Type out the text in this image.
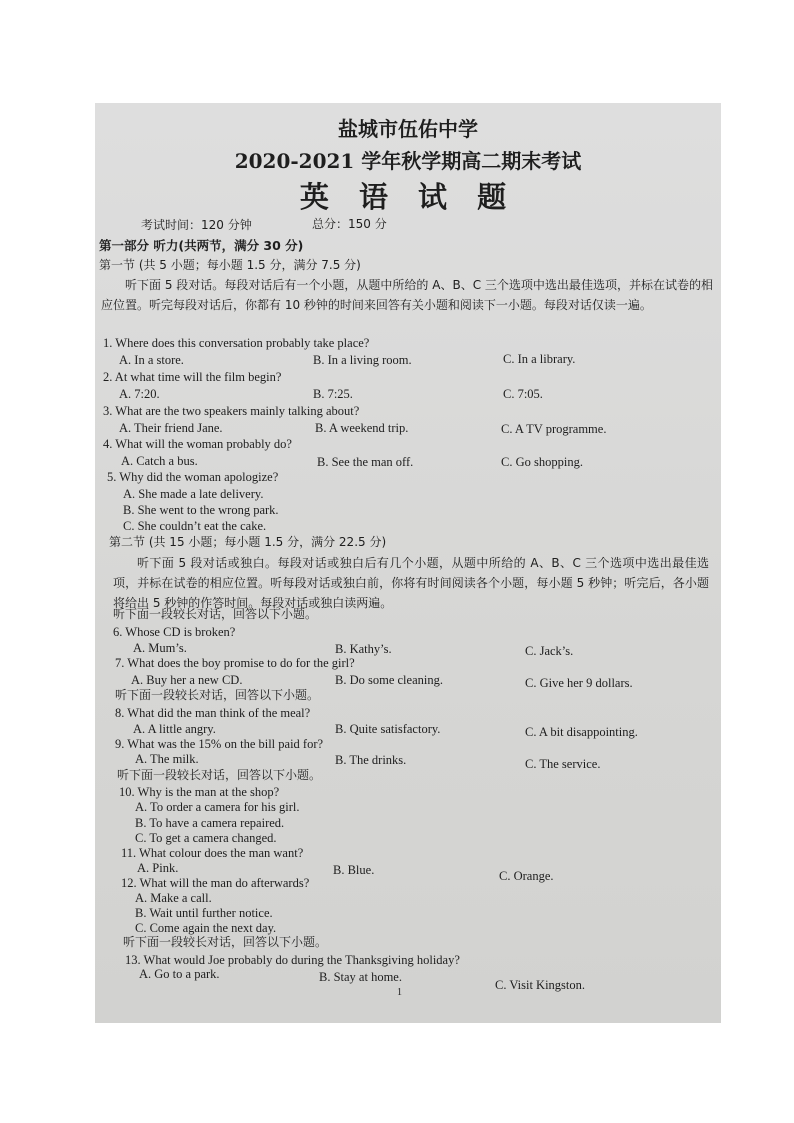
盐城市伍佑中学
2020-2021 学年秋学期高二期末考试
英 语 试 题
考试时间：120 分钟	总分：150 分
第一部分 听力(共两节，满分 30 分)
第一节 (共 5 小题；每小题 1.5 分，满分 7.5 分)
听下面 5 段对话。每段对话后有一个小题，从题中所给的 A、B、C 三个选项中选出最佳选项，并标在试卷的相应位置。听完每段对话后，你都有 10 秒钟的时间来回答有关小题和阅读下一小题。每段对话仅读一遍。
1. Where does this conversation probably take place?
A. In a store.	B. In a living room.	C. In a library.
2. At what time will the film begin?
A. 7:20.	B. 7:25.	C. 7:05.
3. What are the two speakers mainly talking about?
A. Their friend Jane.	B. A weekend trip.	C. A TV programme.
4. What will the woman probably do?
A. Catch a bus.	B. See the man off.	C. Go shopping.
5. Why did the woman apologize?
A. She made a late delivery.
B. She went to the wrong park.
C. She couldn’t eat the cake.
第二节 (共 15 小题；每小题 1.5 分，满分 22.5 分)
听下面 5 段对话或独白。每段对话或独白后有几个小题，从题中所给的 A、B、C 三个选项中选出最佳选项，并标在试卷的相应位置。听每段对话或独白前，你将有时间阅读各个小题，每小题 5 秒钟；听完后，各小题将给出 5 秒钟的作答时间。每段对话或独白读两遍。
听下面一段较长对话，回答以下小题。
6. Whose CD is broken?
A. Mum’s.	B. Kathy’s.	C. Jack’s.
7. What does the boy promise to do for the girl?
A. Buy her a new CD.	B. Do some cleaning.	C. Give her 9 dollars.
听下面一段较长对话，回答以下小题。
8. What did the man think of the meal?
A. A little angry.	B. Quite satisfactory.	C. A bit disappointing.
9. What was the 15% on the bill paid for?
A. The milk.	B. The drinks.	C. The service.
听下面一段较长对话，回答以下小题。
10. Why is the man at the shop?
A. To order a camera for his girl.
B. To have a camera repaired.
C. To get a camera changed.
11. What colour does the man want?
A. Pink.	B. Blue.	C. Orange.
12. What will the man do afterwards?
A. Make a call.
B. Wait until further notice.
C. Come again the next day.
听下面一段较长对话，回答以下小题。
13. What would Joe probably do during the Thanksgiving holiday?
A. Go to a park.	B. Stay at home.
C. Visit Kingston.
1
